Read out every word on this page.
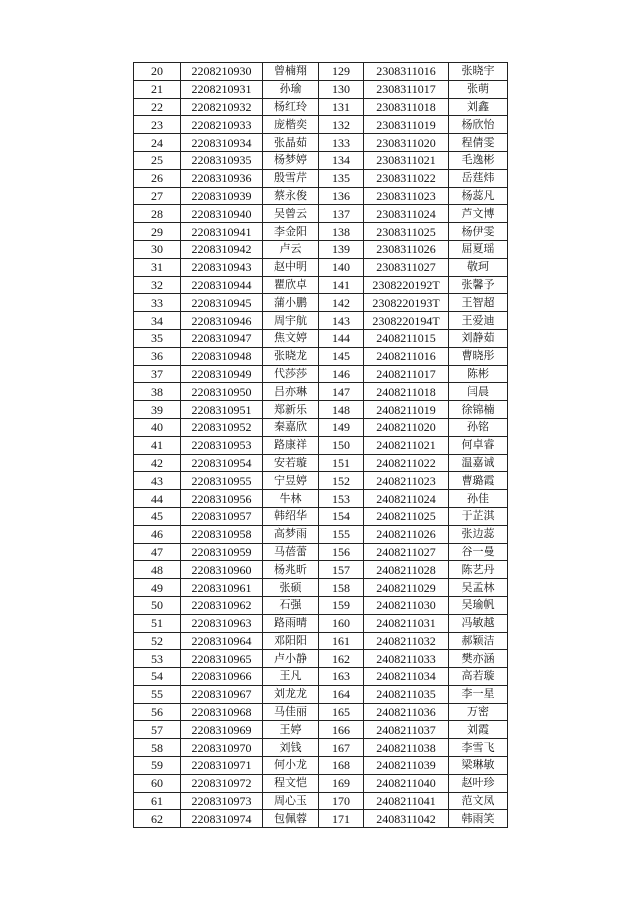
20	2208210930	曾楠翔	129	2308311016	张晓宇
21	2208210931	孙瑜	130	2308311017	张萌
22	2208210932	杨红玲	131	2308311018	刘鑫
23	2208210933	庞楷奕	132	2308311019	杨欣怡
24	2208310934	张晶茹	133	2308311020	程倩雯
25	2208310935	杨梦婷	134	2308311021	毛逸彬
26	2208310936	殷雪芹	135	2308311022	岳莛炜
27	2208310939	蔡永俊	136	2308311023	杨蕊凡
28	2208310940	吴曾云	137	2308311024	芦文博
29	2208310941	李金阳	138	2308311025	杨伊雯
30	2208310942	卢云	139	2308311026	屈夏瑶
31	2208310943	赵中明	140	2308311027	敬珂
32	2208310944	瞿欣卓	141	2308220192T	张馨予
33	2208310945	蒲小鹏	142	2308220193T	王智超
34	2208310946	周宇航	143	2308220194T	王爱迪
35	2208310947	焦文婷	144	2408211015	刘静茹
36	2208310948	张晓龙	145	2408211016	曹晓彤
37	2208310949	代莎莎	146	2408211017	陈彬
38	2208310950	吕亦琳	147	2408211018	闫晨
39	2208310951	郑新乐	148	2408211019	徐锦楠
40	2208310952	秦嘉欣	149	2408211020	孙铭
41	2208310953	路康祥	150	2408211021	何卓睿
42	2208310954	安若璇	151	2408211022	温嘉诚
43	2208310955	宁昱婷	152	2408211023	曹璐霞
44	2208310956	牛林	153	2408211024	孙佳
45	2208310957	韩绍华	154	2408211025	于芷淇
46	2208310958	高梦雨	155	2408211026	张边蕊
47	2208310959	马蓓蕾	156	2408211027	谷一曼
48	2208310960	杨兆昕	157	2408211028	陈艺丹
49	2208310961	张硕	158	2408211029	吴孟林
50	2208310962	石强	159	2408211030	吴瑜帆
51	2208310963	路雨晴	160	2408211031	冯敏越
52	2208310964	邓阳阳	161	2408211032	郝颖洁
53	2208310965	卢小静	162	2408211033	樊亦涵
54	2208310966	王凡	163	2408211034	高若璇
55	2208310967	刘龙龙	164	2408211035	李一星
56	2208310968	马佳丽	165	2408211036	万密
57	2208310969	王婷	166	2408211037	刘霞
58	2208310970	刘钱	167	2408211038	李雪飞
59	2208310971	何小龙	168	2408211039	梁琳敏
60	2208310972	程文恺	169	2408211040	赵叶珍
61	2208310973	周心玉	170	2408211041	范文凤
62	2208310974	包佩蓉	171	2408311042	韩雨笑
